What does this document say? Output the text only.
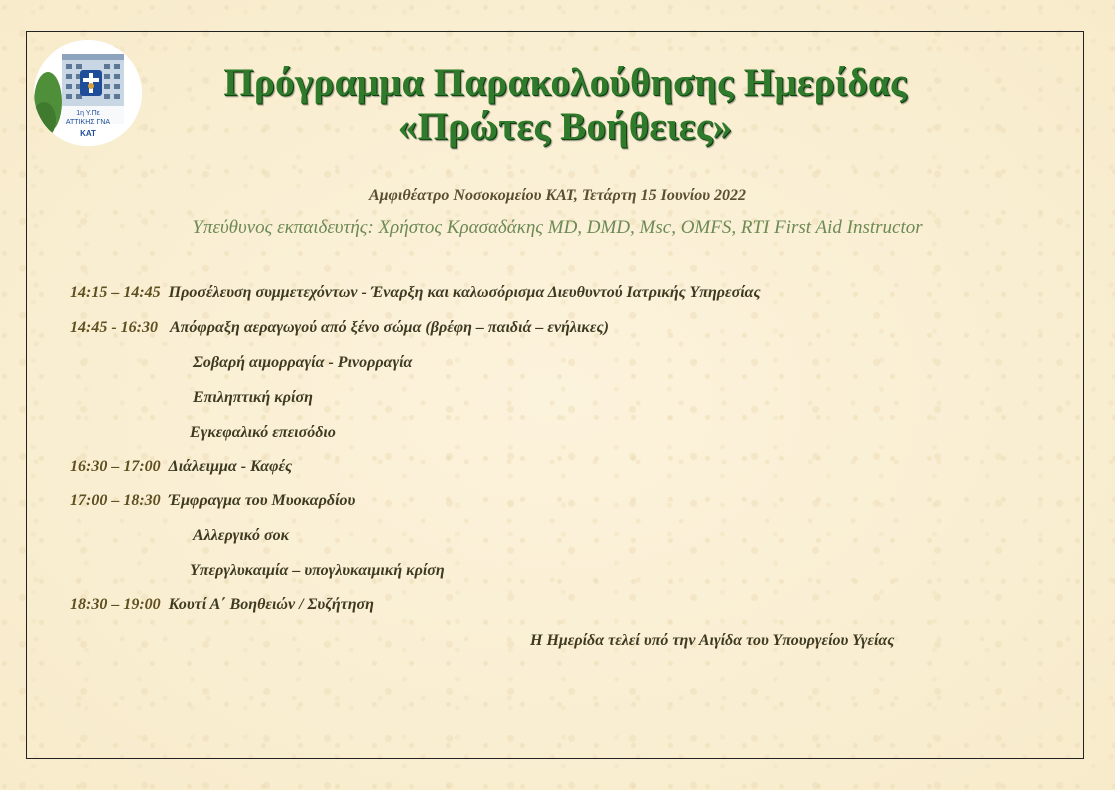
1η Υ.Πε
ΑΤΤΙΚΗΣ ΓΝΑ
ΚΑΤ
Πρόγραμμα Παρακολούθησης Ημερίδας
«Πρώτες Βοήθειες»
Αμφιθέατρο Νοσοκομείου ΚΑΤ, Τετάρτη 15 Ιουνίου 2022
Υπεύθυνος εκπαιδευτής: Χρήστος Κρασαδάκης MD, DMD, Msc, OMFS, RTI First Aid Instructor
14:15 – 14:45 Προσέλευση συμμετεχόντων - Έναρξη και καλωσόρισμα Διευθυντού Ιατρικής Υπηρεσίας
14:45 - 16:30 Απόφραξη αεραγωγού από ξένο σώμα (βρέφη – παιδιά – ενήλικες)
Σοβαρή αιμορραγία - Ρινορραγία
Επιληπτική κρίση
Εγκεφαλικό επεισόδιο
16:30 – 17:00 Διάλειμμα - Καφές
17:00 – 18:30 Έμφραγμα του Μυοκαρδίου
Αλλεργικό σοκ
Υπεργλυκαιμία – υπογλυκαιμική κρίση
18:30 – 19:00 Κουτί Α΄ Βοηθειών / Συζήτηση
Η Ημερίδα τελεί υπό την Αιγίδα του Υπουργείου Υγείας
